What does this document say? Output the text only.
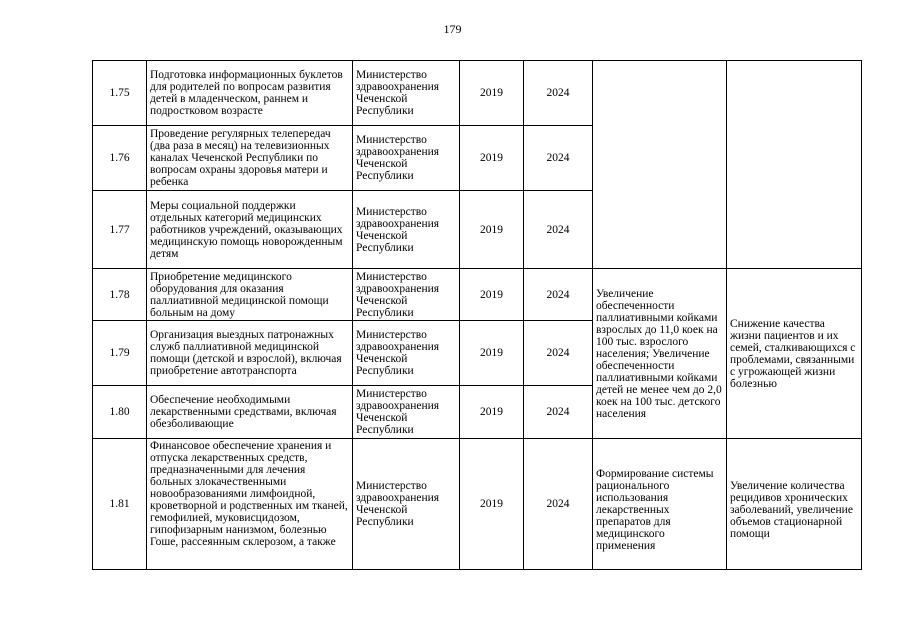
179
1.75	Подготовка информационных буклетов для родителей по вопросам развития детей в младенческом, раннем и подростковом возрасте	Министерство здравоохранения Чеченской Республики	2019	2024		
1.76	Проведение регулярных телепередач (два раза в месяц) на телевизионных каналах Чеченской Республики по вопросам охраны здоровья матери и ребенка	Министерство здравоохранения Чеченской Республики	2019	2024		
1.77	Меры социальной поддержки отдельных категорий медицинских работников учреждений, оказывающих медицинскую помощь новорожденным детям	Министерство здравоохранения Чеченской Республики	2019	2024		
1.78	Приобретение медицинского оборудования для оказания паллиативной медицинской помощи больным на дому	Министерство здравоохранения Чеченской Республики	2019	2024	Увеличение обеспеченности паллиативными койками взрослых до 11,0 коек на 100 тыс. взрослого населения; Увеличение обеспеченности паллиативными койками детей не менее чем до 2,0 коек на 100 тыс. детского населения	Снижение качества жизни пациентов и их семей, сталкивающихся с проблемами, связанными с угрожающей жизни болезнью
1.79	Организация выездных патронажных служб паллиативной медицинской помощи (детской и взрослой), включая приобретение автотранспорта	Министерство здравоохранения Чеченской Республики	2019	2024		
1.80	Обеспечение необходимыми лекарственными средствами, включая обезболивающие	Министерство здравоохранения Чеченской Республики	2019	2024		
1.81	Финансовое обеспечение хранения и отпуска лекарственных средств, предназначенными для лечения больных злокачественными новообразованиями лимфоидной, кроветворной и родственных им тканей, гемофилией, муковисцидозом, гипофизарным нанизмом, болезнью Гоше, рассеянным склерозом, а также	Министерство здравоохранения Чеченской Республики	2019	2024	Формирование системы рационального использования лекарственных препаратов для медицинского применения	Увеличение количества рецидивов хронических заболеваний, увеличение объемов стационарной помощи
